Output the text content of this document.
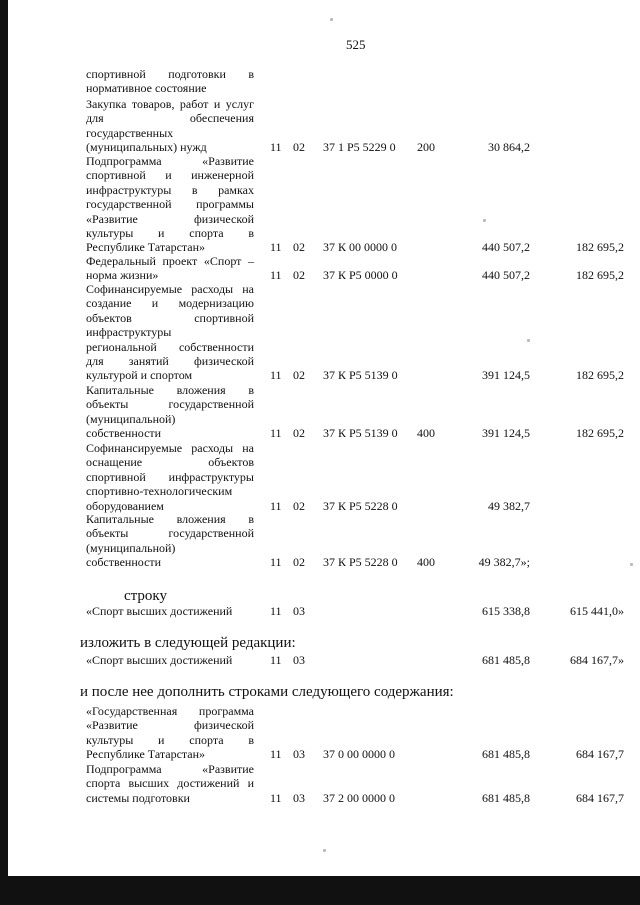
525
спортивной подготовки в
нормативное состояние
Закупка товаров, работ и услуг
для обеспечения
государственных
(муниципальных) нужд	11 02 37 1 P5 5229 0 200	30 864,2
Подпрограмма «Развитие
спортивной и инженерной
инфраструктуры в рамках
государственной программы
«Развитие физической
культуры и спорта в
Республике Татарстан»	11 02 37 К 00 0000 0	440 507,2	182 695,2
Федеральный проект «Спорт –
норма жизни»	11 02 37 К P5 0000 0	440 507,2	182 695,2
Софинансируемые расходы на
создание и модернизацию
объектов спортивной
инфраструктуры
региональной собственности
для занятий физической
культурой и спортом	11 02 37 К P5 5139 0	391 124,5	182 695,2
Капитальные вложения в
объекты государственной
(муниципальной)
собственности	11 02 37 К P5 5139 0 400	391 124,5	182 695,2
Софинансируемые расходы на
оснащение объектов
спортивной инфраструктуры
спортивно-технологическим
оборудованием	11 02 37 К P5 5228 0	49 382,7
Капитальные вложения в
объекты государственной
(муниципальной)
собственности	11 02 37 К P5 5228 0 400	49 382,7»;
строку
«Спорт высших достижений	11 03	615 338,8	615 441,0»
изложить в следующей редакции:
«Спорт высших достижений	11 03	681 485,8	684 167,7»
и после нее дополнить строками следующего содержания:
«Государственная программа
«Развитие физической
культуры и спорта в
Республике Татарстан»	11 03 37 0 00 0000 0	681 485,8	684 167,7
Подпрограмма «Развитие
спорта высших достижений и
системы подготовки	11 03 37 2 00 0000 0	681 485,8	684 167,7
